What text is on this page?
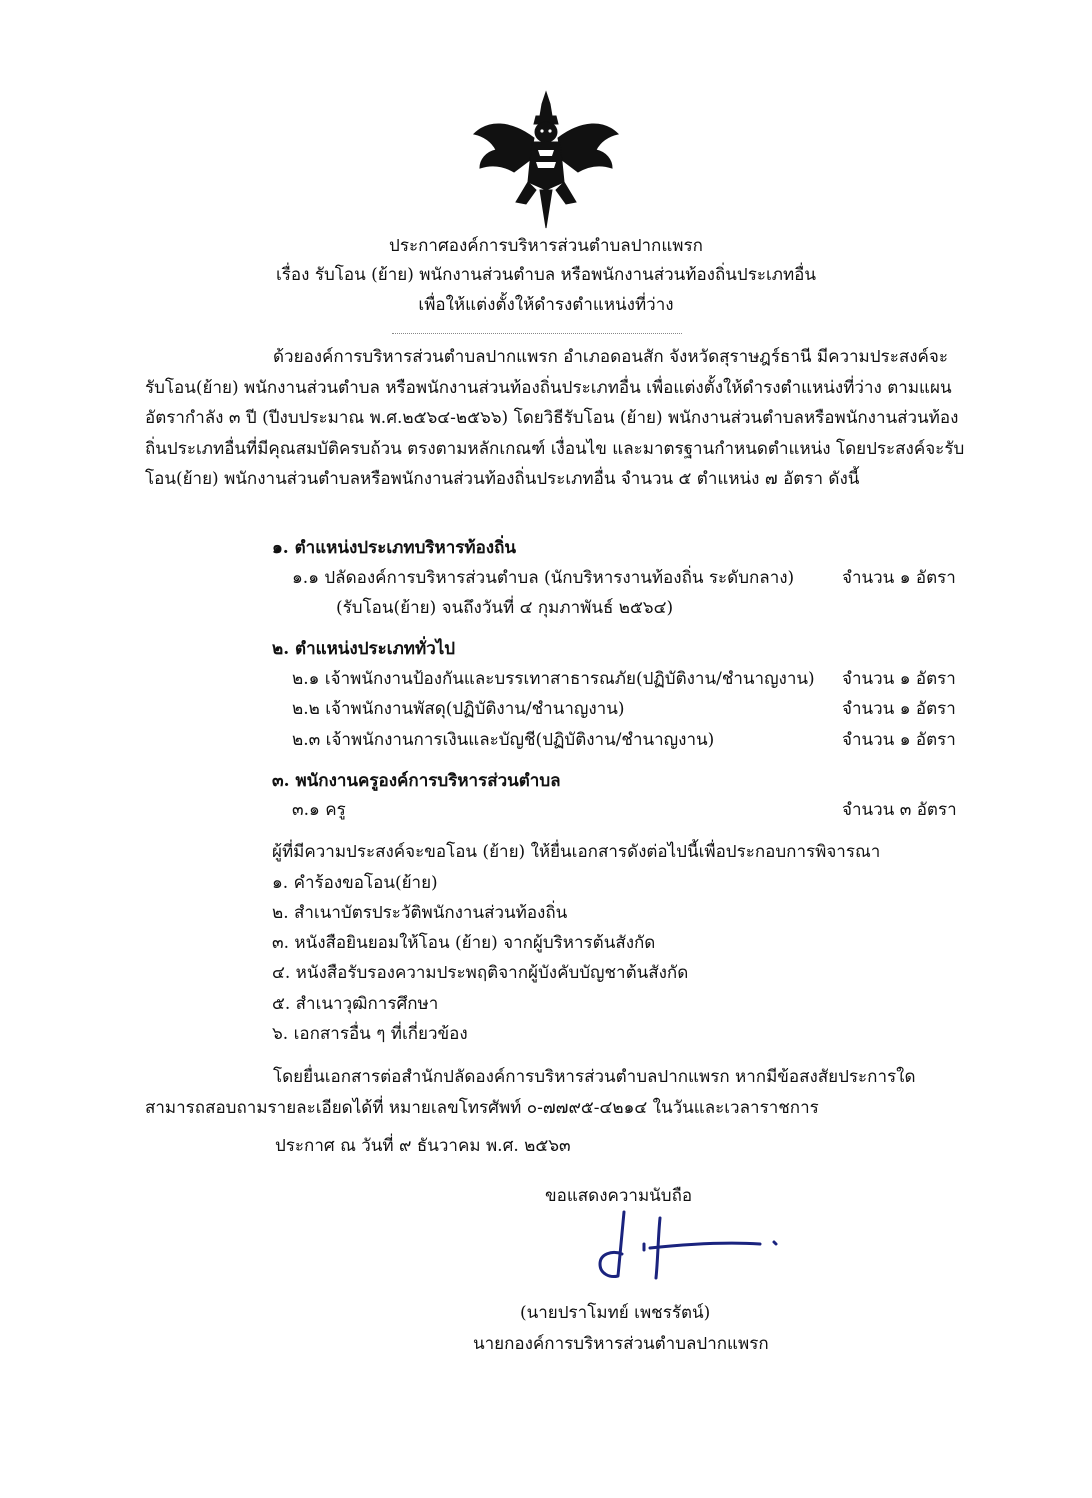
ประกาศองค์การบริหารส่วนตำบลปากแพรก
เรื่อง รับโอน (ย้าย) พนักงานส่วนตำบล หรือพนักงานส่วนท้องถิ่นประเภทอื่น
เพื่อให้แต่งตั้งให้ดำรงตำแหน่งที่ว่าง
ด้วยองค์การบริหารส่วนตำบลปากแพรก อำเภอดอนสัก จังหวัดสุราษฎร์ธานี มีความประสงค์จะรับโอน(ย้าย) พนักงานส่วนตำบล หรือพนักงานส่วนท้องถิ่นประเภทอื่น เพื่อแต่งตั้งให้ดำรงตำแหน่งที่ว่าง ตามแผนอัตรากำลัง ๓ ปี (ปีงบประมาณ พ.ศ.๒๕๖๔-๒๕๖๖) โดยวิธีรับโอน (ย้าย) พนักงานส่วนตำบลหรือพนักงานส่วนท้องถิ่นประเภทอื่นที่มีคุณสมบัติครบถ้วน ตรงตามหลักเกณฑ์ เงื่อนไข และมาตรฐานกำหนดตำแหน่ง โดยประสงค์จะรับโอน(ย้าย) พนักงานส่วนตำบลหรือพนักงานส่วนท้องถิ่นประเภทอื่น จำนวน ๕ ตำแหน่ง ๗ อัตรา ดังนี้
๑. ตำแหน่งประเภทบริหารท้องถิ่น
๑.๑ ปลัดองค์การบริหารส่วนตำบล (นักบริหารงานท้องถิ่น ระดับกลาง)	จำนวน ๑ อัตรา
(รับโอน(ย้าย) จนถึงวันที่ ๔ กุมภาพันธ์ ๒๕๖๔)
๒. ตำแหน่งประเภททั่วไป
๒.๑ เจ้าพนักงานป้องกันและบรรเทาสาธารณภัย(ปฏิบัติงาน/ชำนาญงาน) จำนวน ๑ อัตรา
๒.๒ เจ้าพนักงานพัสดุ(ปฏิบัติงาน/ชำนาญงาน)	จำนวน ๑ อัตรา
๒.๓ เจ้าพนักงานการเงินและบัญชี(ปฏิบัติงาน/ชำนาญงาน)	จำนวน ๑ อัตรา
๓. พนักงานครูองค์การบริหารส่วนตำบล
๓.๑ ครู	จำนวน ๓ อัตรา
ผู้ที่มีความประสงค์จะขอโอน (ย้าย) ให้ยื่นเอกสารดังต่อไปนี้เพื่อประกอบการพิจารณา
๑. คำร้องขอโอน(ย้าย)
๒. สำเนาบัตรประวัติพนักงานส่วนท้องถิ่น
๓. หนังสือยินยอมให้โอน (ย้าย) จากผู้บริหารต้นสังกัด
๔. หนังสือรับรองความประพฤติจากผู้บังคับบัญชาต้นสังกัด
๕. สำเนาวุฒิการศึกษา
๖. เอกสารอื่น ๆ ที่เกี่ยวข้อง
โดยยื่นเอกสารต่อสำนักปลัดองค์การบริหารส่วนตำบลปากแพรก หากมีข้อสงสัยประการใด สามารถสอบถามรายละเอียดได้ที่ หมายเลขโทรศัพท์ ๐-๗๗๙๕-๔๒๑๔ ในวันและเวลาราชการ
ประกาศ ณ วันที่ ๙ ธันวาคม พ.ศ. ๒๕๖๓
ขอแสดงความนับถือ
(นายปราโมทย์ เพชรรัตน์)
นายกองค์การบริหารส่วนตำบลปากแพรก
